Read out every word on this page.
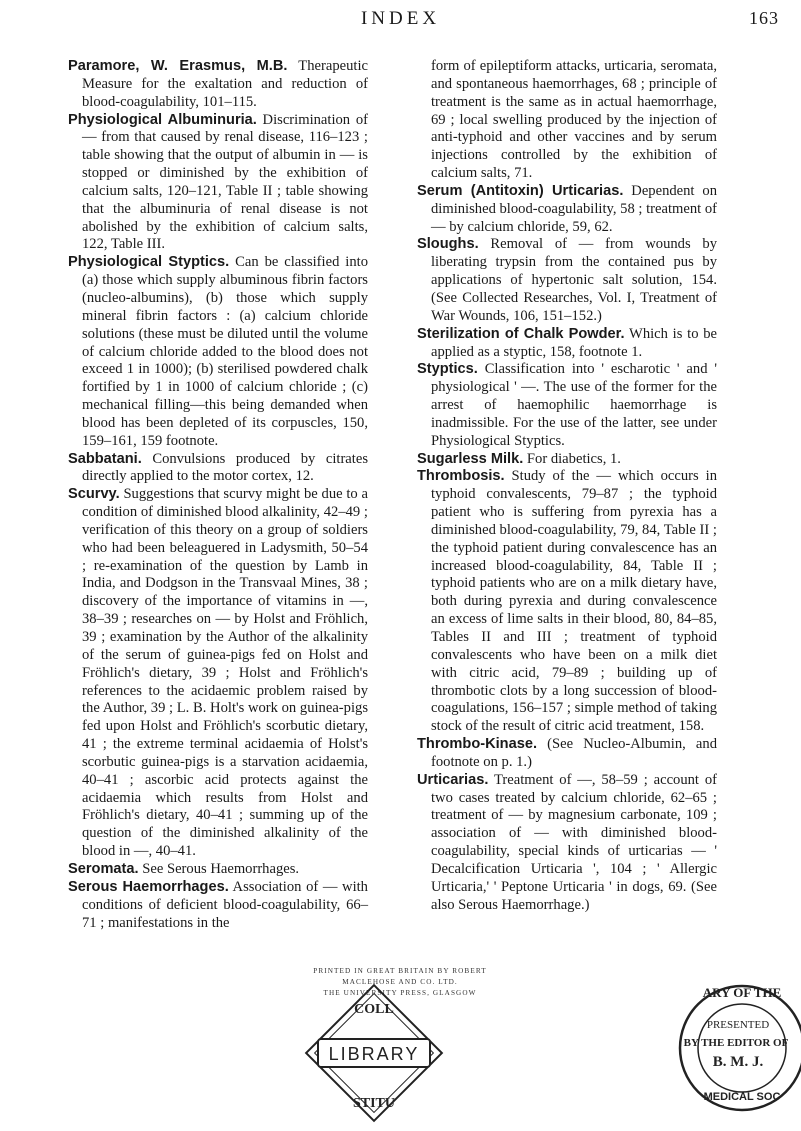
INDEX	163

Paramore, W. Erasmus, M.B. Therapeutic Measure for the exaltation and reduction of blood-coagulability, 101–115.

Physiological Albuminuria. Discrimination of — from that caused by renal disease, 116–123 ; table showing that the output of albumin in — is stopped or diminished by the exhibition of calcium salts, 120–121, Table II ; table showing that the albuminuria of renal disease is not abolished by the exhibition of calcium salts, 122, Table III.

Physiological Styptics. Can be classified into (a) those which supply albuminous fibrin factors (nucleo-albumins), (b) those which supply mineral fibrin factors : (a) calcium chloride solutions (these must be diluted until the volume of calcium chloride added to the blood does not exceed 1 in 1000); (b) sterilised powdered chalk fortified by 1 in 1000 of calcium chloride ; (c) mechanical filling—this being demanded when blood has been depleted of its corpuscles, 150, 159–161, 159 footnote.

Sabbatani. Convulsions produced by citrates directly applied to the motor cortex, 12.

Scurvy. Suggestions that scurvy might be due to a condition of diminished blood alkalinity, 42–49 ; verification of this theory on a group of soldiers who had been beleaguered in Ladysmith, 50–54 ; re-examination of the question by Lamb in India, and Dodgson in the Transvaal Mines, 38 ; discovery of the importance of vitamins in —, 38–39 ; researches on — by Holst and Fröhlich, 39 ; examination by the Author of the alkalinity of the serum of guinea-pigs fed on Holst and Fröhlich's dietary, 39 ; Holst and Fröhlich's references to the acidaemic problem raised by the Author, 39 ; L. B. Holt's work on guinea-pigs fed upon Holst and Fröhlich's scorbutic dietary, 41 ; the extreme terminal acidaemia of Holst's scorbutic guinea-pigs is a starvation acidaemia, 40–41 ; ascorbic acid protects against the acidaemia which results from Holst and Fröhlich's dietary, 40–41 ; summing up of the question of the diminished alkalinity of the blood in —, 40–41.

Seromata. See Serous Haemorrhages.

Serous Haemorrhages. Association of — with conditions of deficient blood-coagulability, 66–71 ; manifestations in the

form of epileptiform attacks, urticaria, seromata, and spontaneous haemorrhages, 68 ; principle of treatment is the same as in actual haemorrhage, 69 ; local swelling produced by the injection of anti-typhoid and other vaccines and by serum injections controlled by the exhibition of calcium salts, 71.

Serum (Antitoxin) Urticarias. Dependent on diminished blood-coagulability, 58 ; treatment of — by calcium chloride, 59, 62.

Sloughs. Removal of — from wounds by liberating trypsin from the contained pus by applications of hypertonic salt solution, 154. (See Collected Researches, Vol. I, Treatment of War Wounds, 106, 151–152.)

Sterilization of Chalk Powder. Which is to be applied as a styptic, 158, footnote 1.

Styptics. Classification into ' escharotic ' and ' physiological ' —. The use of the former for the arrest of haemophilic haemorrhage is inadmissible. For the use of the latter, see under Physiological Styptics.

Sugarless Milk. For diabetics, 1.

Thrombosis. Study of the — which occurs in typhoid convalescents, 79–87 ; the typhoid patient who is suffering from pyrexia has a diminished blood-coagulability, 79, 84, Table II ; the typhoid patient during convalescence has an increased blood-coagulability, 84, Table II ; typhoid patients who are on a milk dietary have, both during pyrexia and during convalescence an excess of lime salts in their blood, 80, 84–85, Tables II and III ; treatment of typhoid convalescents who have been on a milk diet with citric acid, 79–89 ; building up of thrombotic clots by a long succession of blood-coagulations, 156–157 ; simple method of taking stock of the result of citric acid treatment, 158.

Thrombo-Kinase. (See Nucleo-Albumin, and footnote on p. 1.)

Urticarias. Treatment of —, 58–59 ; account of two cases treated by calcium chloride, 62–65 ; treatment of — by magnesium carbonate, 109 ; association of — with diminished blood-coagulability, special kinds of urticarias — ' Decalcification Urticaria ', 104 ; ' Allergic Urticaria,' ' Peptone Urticaria ' in dogs, 69. (See also Serous Haemorrhage.)

PRINTED IN GREAT BRITAIN BY ROBERT MACLEHOSE AND CO. LTD.
THE UNIVERSITY PRESS, GLASGOW
LIBRARY
COLL
STITU
ARY OF THE
PRESENTED
BY THE EDITOR OF
B. M. J.
MEDICAL SOC
